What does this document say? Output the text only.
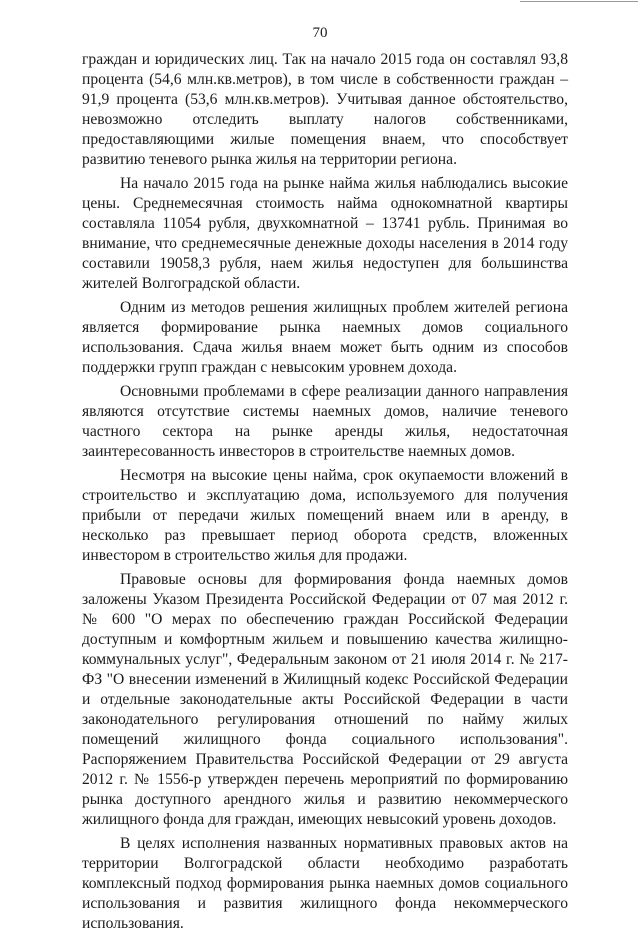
70

граждан и юридических лиц. Так на начало 2015 года он составлял 93,8 процента (54,6 млн.кв.метров), в том числе в собственности граждан – 91,9 процента (53,6 млн.кв.метров). Учитывая данное обстоятельство, невозможно отследить выплату налогов собственниками, предоставляющими жилые помещения внаем, что способствует развитию теневого рынка жилья на территории региона.

На начало 2015 года на рынке найма жилья наблюдались высокие цены. Среднемесячная стоимость найма однокомнатной квартиры составляла 11054 рубля, двухкомнатной – 13741 рубль. Принимая во внимание, что среднемесячные денежные доходы населения в 2014 году составили 19058,3 рубля, наем жилья недоступен для большинства жителей Волгоградской области.

Одним из методов решения жилищных проблем жителей региона является формирование рынка наемных домов социального использования. Сдача жилья внаем может быть одним из способов поддержки групп граждан с невысоким уровнем дохода.

Основными проблемами в сфере реализации данного направления являются отсутствие системы наемных домов, наличие теневого частного сектора на рынке аренды жилья, недостаточная заинтересованность инвесторов в строительстве наемных домов.

Несмотря на высокие цены найма, срок окупаемости вложений в строительство и эксплуатацию дома, используемого для получения прибыли от передачи жилых помещений внаем или в аренду, в несколько раз превышает период оборота средств, вложенных инвестором в строительство жилья для продажи.

Правовые основы для формирования фонда наемных домов заложены Указом Президента Российской Федерации от 07 мая 2012 г. № 600 "О мерах по обеспечению граждан Российской Федерации доступным и комфортным жильем и повышению качества жилищно-коммунальных услуг", Федеральным законом от 21 июля 2014 г. № 217-ФЗ "О внесении изменений в Жилищный кодекс Российской Федерации и отдельные законодательные акты Российской Федерации в части законодательного регулирования отношений по найму жилых помещений жилищного фонда социального использования". Распоряжением Правительства Российской Федерации от 29 августа 2012 г. № 1556-р утвержден перечень мероприятий по формированию рынка доступного арендного жилья и развитию некоммерческого жилищного фонда для граждан, имеющих невысокий уровень доходов.

В целях исполнения названных нормативных правовых актов на территории Волгоградской области необходимо разработать комплексный подход формирования рынка наемных домов социального использования и развития жилищного фонда некоммерческого использования.
